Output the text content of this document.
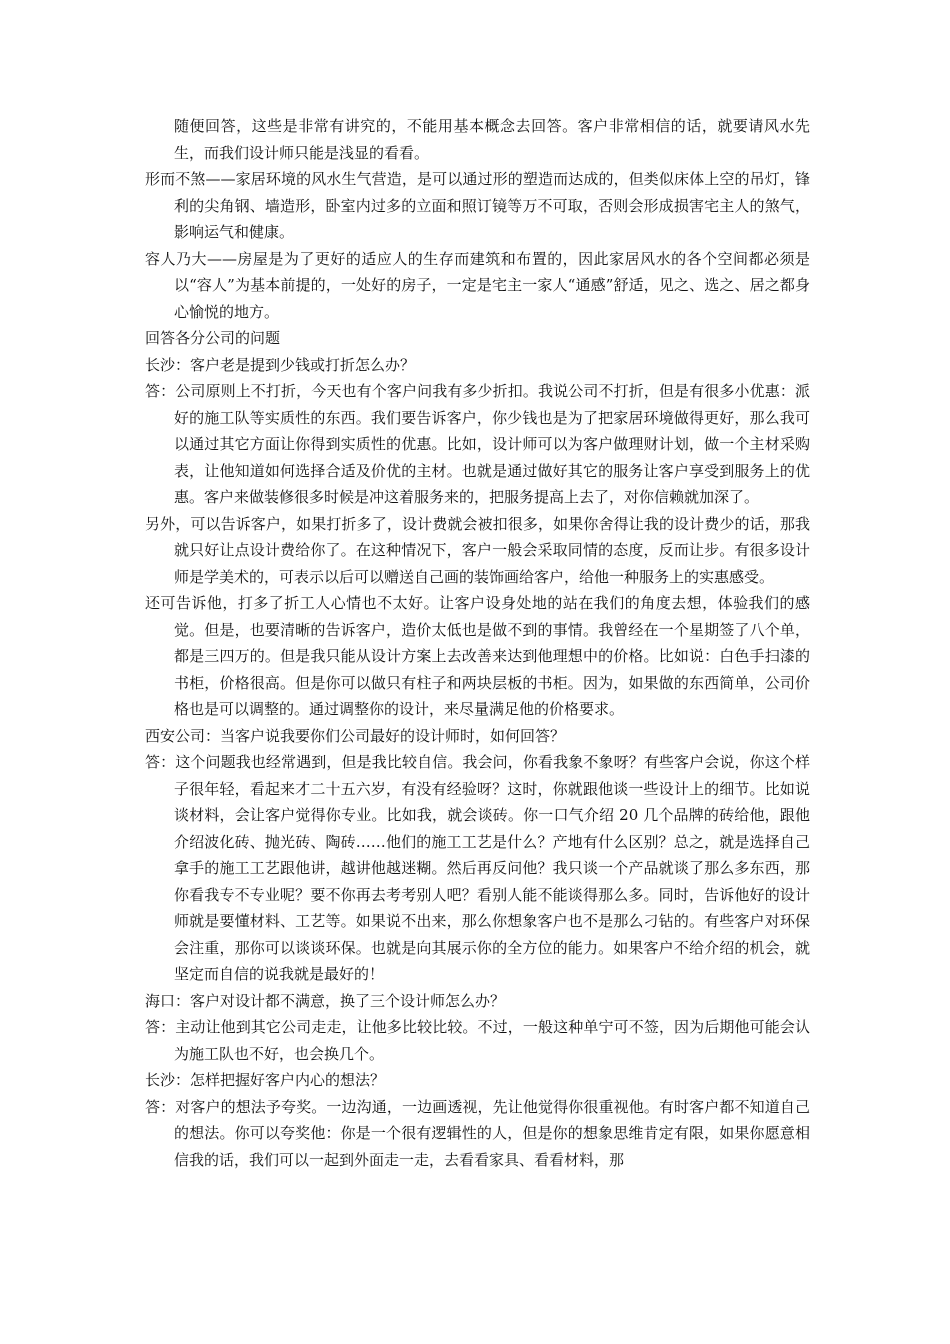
随便回答，这些是非常有讲究的，不能用基本概念去回答。客户非常相信的话，就要请风水先生，而我们设计师只能是浅显的看看。

形而不煞——家居环境的风水生气营造，是可以通过形的塑造而达成的，但类似床体上空的吊灯，锋利的尖角钢、墙造形，卧室内过多的立面和照订镜等万不可取，否则会形成损害宅主人的煞气，影响运气和健康。

容人乃大——房屋是为了更好的适应人的生存而建筑和布置的，因此家居风水的各个空间都必须是以“容人”为基本前提的，一处好的房子，一定是宅主一家人“通感”舒适，见之、选之、居之都身心愉悦的地方。

回答各分公司的问题

长沙：客户老是提到少钱或打折怎么办？

答：公司原则上不打折，今天也有个客户问我有多少折扣。我说公司不打折，但是有很多小优惠：派好的施工队等实质性的东西。我们要告诉客户，你少钱也是为了把家居环境做得更好，那么我可以通过其它方面让你得到实质性的优惠。比如，设计师可以为客户做理财计划，做一个主材采购表，让他知道如何选择合适及价优的主材。也就是通过做好其它的服务让客户享受到服务上的优惠。客户来做装修很多时候是冲这着服务来的，把服务提高上去了，对你信赖就加深了。

另外，可以告诉客户，如果打折多了，设计费就会被扣很多，如果你舍得让我的设计费少的话，那我就只好让点设计费给你了。在这种情况下，客户一般会采取同情的态度，反而让步。有很多设计师是学美术的，可表示以后可以赠送自己画的装饰画给客户，给他一种服务上的实惠感受。

还可告诉他，打多了折工人心情也不太好。让客户设身处地的站在我们的角度去想，体验我们的感觉。但是，也要清晰的告诉客户，造价太低也是做不到的事情。我曾经在一个星期签了八个单，都是三四万的。但是我只能从设计方案上去改善来达到他理想中的价格。比如说：白色手扫漆的书柜，价格很高。但是你可以做只有柱子和两块层板的书柜。因为，如果做的东西简单，公司价格也是可以调整的。通过调整你的设计，来尽量满足他的价格要求。

西安公司：当客户说我要你们公司最好的设计师时，如何回答？

答：这个问题我也经常遇到，但是我比较自信。我会问，你看我象不象呀？有些客户会说，你这个样子很年轻，看起来才二十五六岁，有没有经验呀？这时，你就跟他谈一些设计上的细节。比如说谈材料，会让客户觉得你专业。比如我，就会谈砖。你一口气介绍 20 几个品牌的砖给他，跟他介绍波化砖、抛光砖、陶砖……他们的施工工艺是什么？产地有什么区别？总之，就是选择自己拿手的施工工艺跟他讲，越讲他越迷糊。然后再反问他？我只谈一个产品就谈了那么多东西，那你看我专不专业呢？要不你再去考考别人吧？看别人能不能谈得那么多。同时，告诉他好的设计师就是要懂材料、工艺等。如果说不出来，那么你想象客户也不是那么刁钻的。有些客户对环保会注重，那你可以谈谈环保。也就是向其展示你的全方位的能力。如果客户不给介绍的机会，就坚定而自信的说我就是最好的！

海口：客户对设计都不满意，换了三个设计师怎么办？

答：主动让他到其它公司走走，让他多比较比较。不过，一般这种单宁可不签，因为后期他可能会认为施工队也不好，也会换几个。

长沙：怎样把握好客户内心的想法？

答：对客户的想法予夸奖。一边沟通，一边画透视，先让他觉得你很重视他。有时客户都不知道自己的想法。你可以夸奖他：你是一个很有逻辑性的人，但是你的想象思维肯定有限，如果你愿意相信我的话，我们可以一起到外面走一走，去看看家具、看看材料，那
